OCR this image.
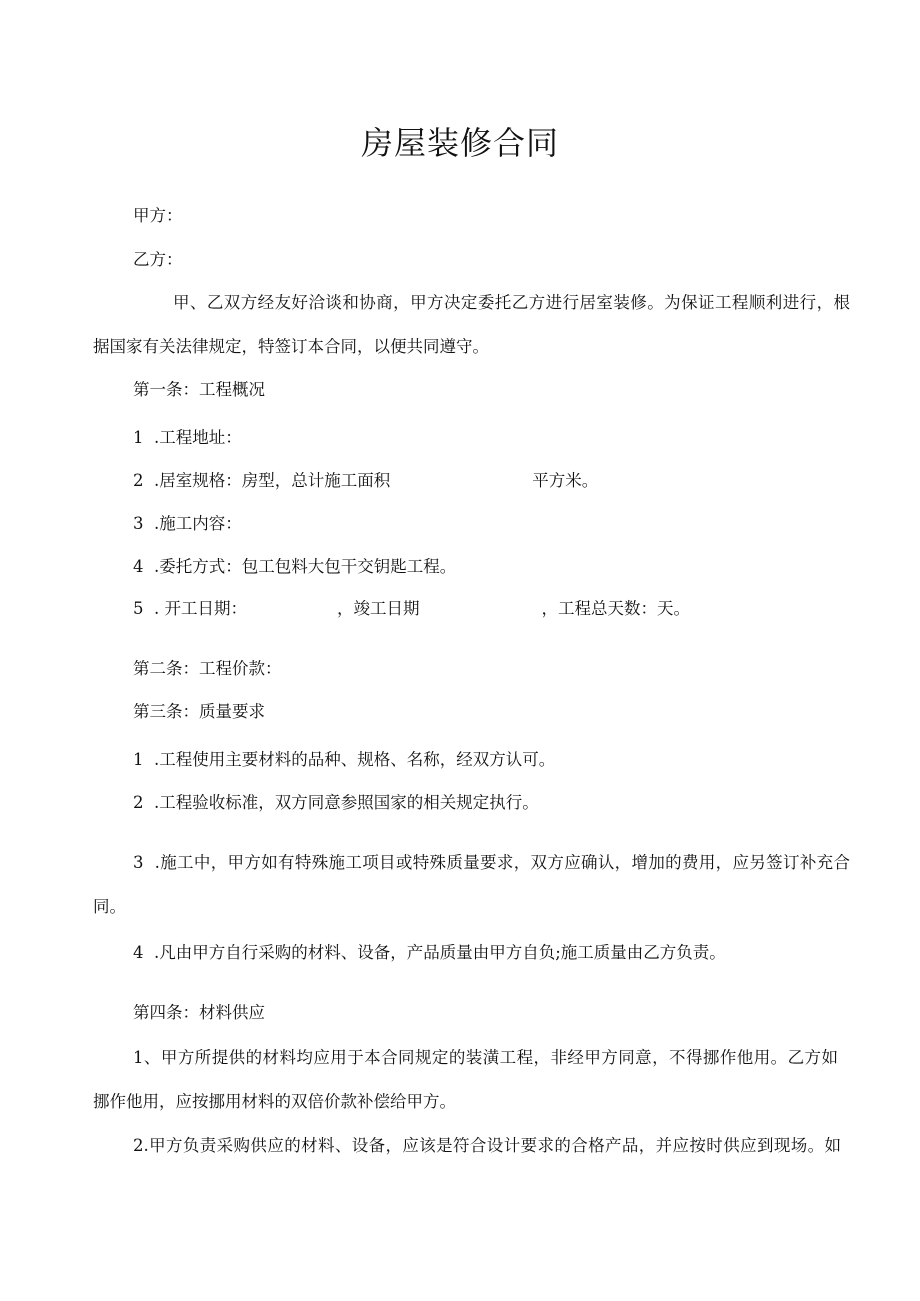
房屋装修合同

甲方：

乙方：

甲、乙双方经友好洽谈和协商，甲方决定委托乙方进行居室装修。为保证工程顺利进行，根

据国家有关法律规定，特签订本合同，以便共同遵守。

第一条：工程概况

1  .工程地址：

2  .居室规格：房型，总计施工面积	平方米。

3  .施工内容：

4  .委托方式：包工包料大包干交钥匙工程。

5  . 开工日期：	，竣工日期	，工程总天数：天。

第二条：工程价款：

第三条：质量要求

1  .工程使用主要材料的品种、规格、名称，经双方认可。

2  .工程验收标准，双方同意参照国家的相关规定执行。

3  .施工中，甲方如有特殊施工项目或特殊质量要求，双方应确认，增加的费用，应另签订补充合

同。

4  .凡由甲方自行采购的材料、设备，产品质量由甲方自负;施工质量由乙方负责。

第四条：材料供应

1、甲方所提供的材料均应用于本合同规定的装潢工程，非经甲方同意，不得挪作他用。乙方如

挪作他用，应按挪用材料的双倍价款补偿给甲方。

2.甲方负责采购供应的材料、设备，应该是符合设计要求的合格产品，并应按时供应到现场。如
